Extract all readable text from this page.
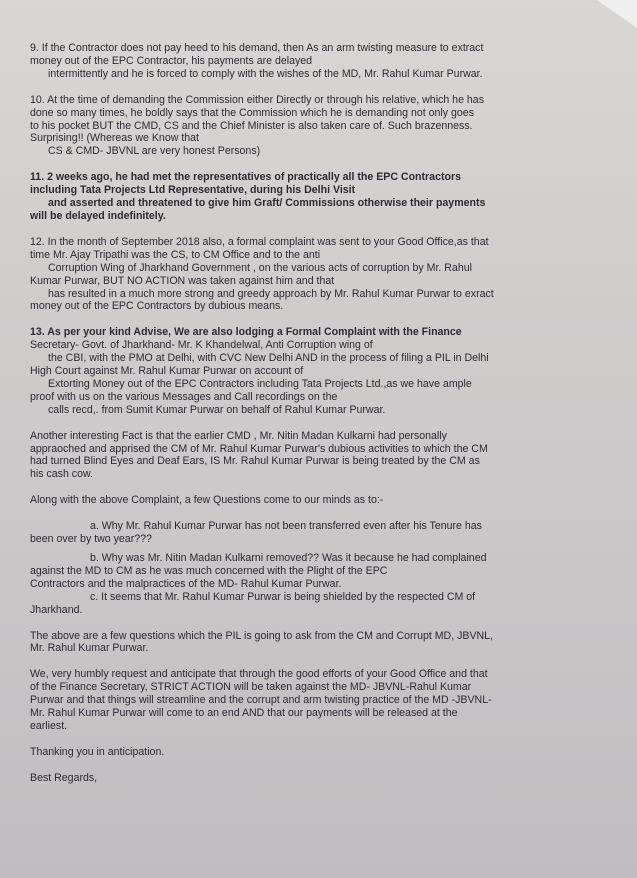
9. If the Contractor does not pay heed to his demand, then As an arm twisting measure to extract

money out of the EPC Contractor, his payments are delayed

intermittently and he is forced to comply with the wishes of the MD, Mr. Rahul Kumar Purwar.

10. At the time of demanding the Commission either Directly or through his relative, which he has

done so many times, he boldly says that the Commission which he is demanding not only goes

to his pocket BUT the CMD, CS and the Chief Minister is also taken care of. Such brazenness.

Surprising!! (Whereas we Know that

CS & CMD- JBVNL are very honest Persons)

11. 2 weeks ago, he had met the representatives of practically all the EPC Contractors

including Tata Projects Ltd Representative, during his Delhi Visit

and asserted and threatened to give him Graft/ Commissions otherwise their payments

will be delayed indefinitely.

12. In the month of September 2018 also, a formal complaint was sent to your Good Office,as that

time Mr. Ajay Tripathi was the CS, to CM Office and to the anti

Corruption Wing of Jharkhand Government , on the various acts of corruption by Mr. Rahul

Kumar Purwar, BUT NO ACTION was taken against him and that

has resulted in a much more strong and greedy approach by Mr. Rahul Kumar Purwar to exract

money out of the EPC Contractors by dubious means.

13. As per your kind Advise, We are also lodging a Formal Complaint with the Finance

Secretary- Govt. of Jharkhand- Mr. K Khandelwal, Anti Corruption wing of

the CBI, with the PMO at Delhi, with CVC New Delhi AND in the process of filing a PIL in Delhi

High Court against Mr. Rahul Kumar Purwar on account of

Extorting Money out of the EPC Contractors including Tata Projects Ltd.,as we have ample

proof with us on the various Messages and Call recordings on the

calls recd,. from Sumit Kumar Purwar on behalf of Rahul Kumar Purwar.

Another interesting Fact is that the earlier CMD , Mr. Nitin Madan Kulkarni had personally

appraoched and apprised the CM of Mr. Rahul Kumar Purwar's dubious activities to which the CM

had turned Blind Eyes and Deaf Ears, IS Mr. Rahul Kumar Purwar is being treated by the CM as

his cash cow.

Along with the above Complaint, a few Questions come to our minds as to:-

a. Why Mr. Rahul Kumar Purwar has not been transferred even after his Tenure has

been over by two year???

b. Why was Mr. Nitin Madan Kulkarni removed?? Was it because he had complained

against the MD to CM as he was much concerned with the Plight of the EPC

Contractors and the malpractices of the MD- Rahul Kumar Purwar.

c. It seems that Mr. Rahul Kumar Purwar is being shielded by the respected CM of

Jharkhand.

The above are a few questions which the PIL is going to ask from the CM and Corrupt MD, JBVNL,

Mr. Rahul Kumar Purwar.

We, very humbly request and anticipate that through the good efforts of your Good Office and that

of the Finance Secretary, STRICT ACTION will be taken against the MD- JBVNL-Rahul Kumar

Purwar and that things will streamline and the corrupt and arm twisting practice of the MD -JBVNL-

Mr. Rahul Kumar Purwar will come to an end AND that our payments will be released at the

earliest.

Thanking you in anticipation.

Best Regards,
